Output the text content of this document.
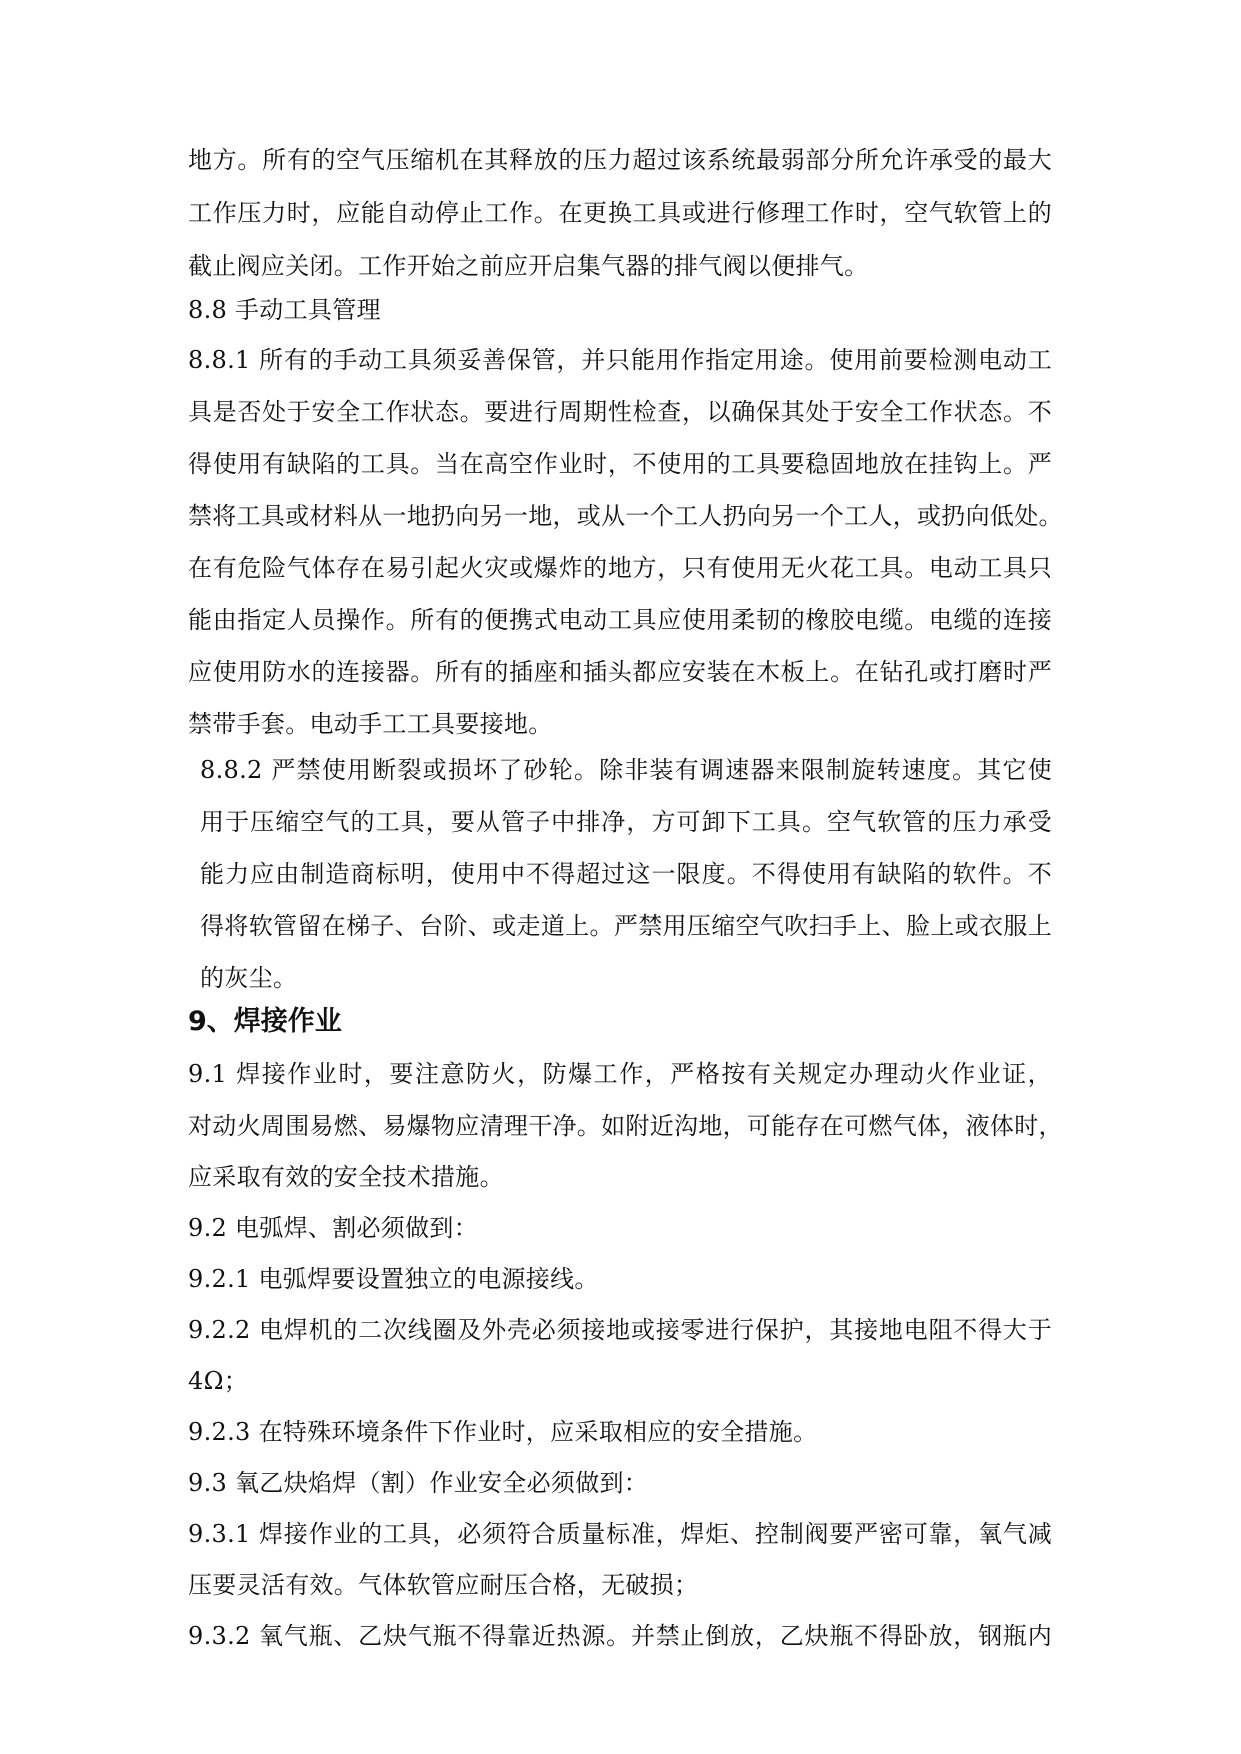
地方。所有的空气压缩机在其释放的压力超过该系统最弱部分所允许承受的最大
工作压力时，应能自动停止工作。在更换工具或进行修理工作时，空气软管上的
截止阀应关闭。工作开始之前应开启集气器的排气阀以便排气。
8.8 手动工具管理
8.8.1 所有的手动工具须妥善保管，并只能用作指定用途。使用前要检测电动工
具是否处于安全工作状态。要进行周期性检查，以确保其处于安全工作状态。不
得使用有缺陷的工具。当在高空作业时，不使用的工具要稳固地放在挂钩上。严
禁将工具或材料从一地扔向另一地，或从一个工人扔向另一个工人，或扔向低处。
在有危险气体存在易引起火灾或爆炸的地方，只有使用无火花工具。电动工具只
能由指定人员操作。所有的便携式电动工具应使用柔韧的橡胶电缆。电缆的连接
应使用防水的连接器。所有的插座和插头都应安装在木板上。在钻孔或打磨时严
禁带手套。电动手工工具要接地。
8.8.2 严禁使用断裂或损坏了砂轮。除非装有调速器来限制旋转速度。其它使
用于压缩空气的工具，要从管子中排净，方可卸下工具。空气软管的压力承受
能力应由制造商标明，使用中不得超过这一限度。不得使用有缺陷的软件。不
得将软管留在梯子、台阶、或走道上。严禁用压缩空气吹扫手上、脸上或衣服上
的灰尘。
9、焊接作业
9.1 焊接作业时，要注意防火，防爆工作，严格按有关规定办理动火作业证，
对动火周围易燃、易爆物应清理干净。如附近沟地，可能存在可燃气体，液体时，
应采取有效的安全技术措施。
9.2 电弧焊、割必须做到：
9.2.1 电弧焊要设置独立的电源接线。
9.2.2 电焊机的二次线圈及外壳必须接地或接零进行保护，其接地电阻不得大于
4Ω；
9.2.3 在特殊环境条件下作业时，应采取相应的安全措施。
9.3 氧乙炔焰焊（割）作业安全必须做到：
9.3.1 焊接作业的工具，必须符合质量标准，焊炬、控制阀要严密可靠，氧气减
压要灵活有效。气体软管应耐压合格，无破损；
9.3.2 氧气瓶、乙炔气瓶不得靠近热源。并禁止倒放，乙炔瓶不得卧放，钢瓶内
